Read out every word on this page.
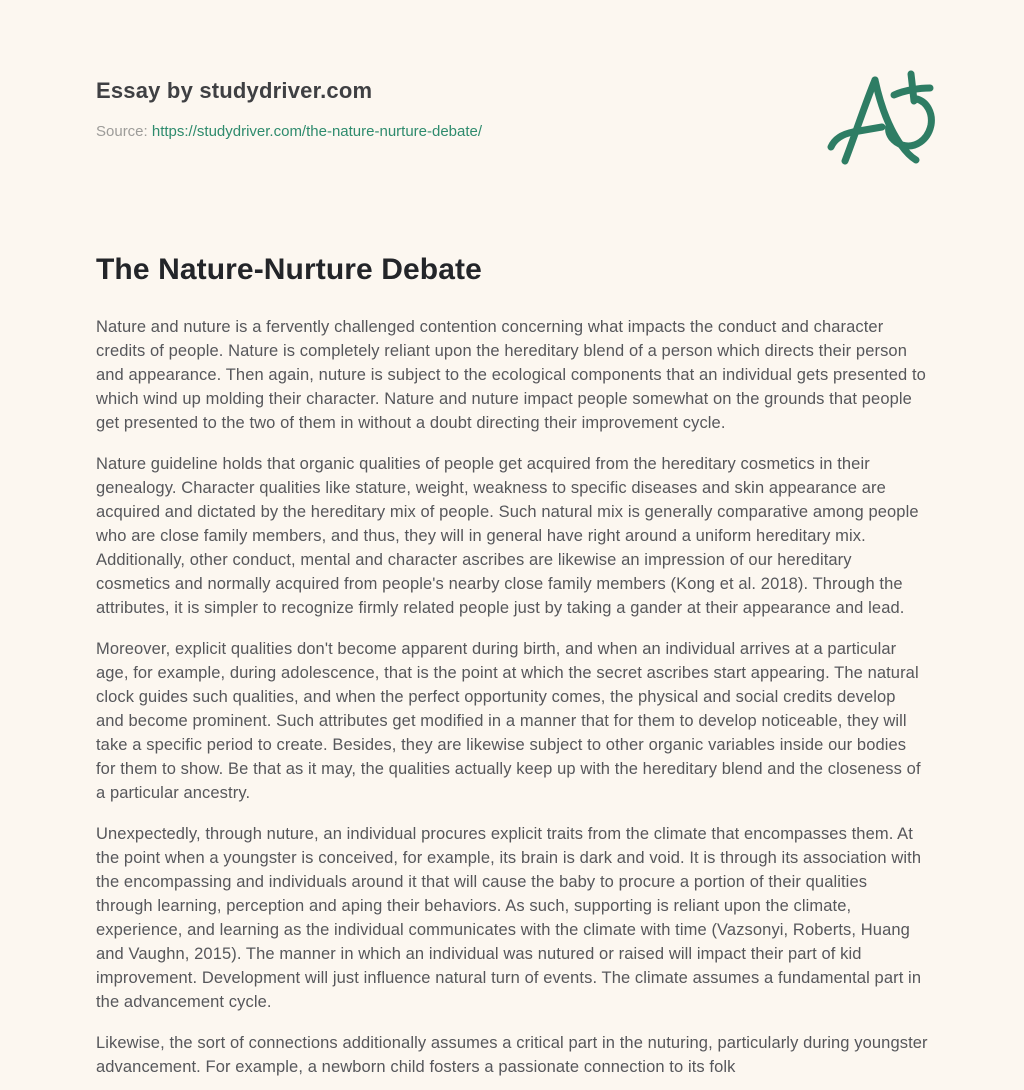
Essay by studydriver.com

Source: https://studydriver.com/the-nature-nurture-debate/

The Nature-Nurture Debate

Nature and nuture is a fervently challenged contention concerning what impacts the conduct and character credits of people. Nature is completely reliant upon the hereditary blend of a person which directs their person and appearance. Then again, nuture is subject to the ecological components that an individual gets presented to which wind up molding their character. Nature and nuture impact people somewhat on the grounds that people get presented to the two of them in without a doubt directing their improvement cycle.

Nature guideline holds that organic qualities of people get acquired from the hereditary cosmetics in their genealogy. Character qualities like stature, weight, weakness to specific diseases and skin appearance are acquired and dictated by the hereditary mix of people. Such natural mix is generally comparative among people who are close family members, and thus, they will in general have right around a uniform hereditary mix. Additionally, other conduct, mental and character ascribes are likewise an impression of our hereditary cosmetics and normally acquired from people's nearby close family members (Kong et al. 2018). Through the attributes, it is simpler to recognize firmly related people just by taking a gander at their appearance and lead.

Moreover, explicit qualities don't become apparent during birth, and when an individual arrives at a particular age, for example, during adolescence, that is the point at which the secret ascribes start appearing. The natural clock guides such qualities, and when the perfect opportunity comes, the physical and social credits develop and become prominent. Such attributes get modified in a manner that for them to develop noticeable, they will take a specific period to create. Besides, they are likewise subject to other organic variables inside our bodies for them to show. Be that as it may, the qualities actually keep up with the hereditary blend and the closeness of a particular ancestry.

Unexpectedly, through nuture, an individual procures explicit traits from the climate that encompasses them. At the point when a youngster is conceived, for example, its brain is dark and void. It is through its association with the encompassing and individuals around it that will cause the baby to procure a portion of their qualities through learning, perception and aping their behaviors. As such, supporting is reliant upon the climate, experience, and learning as the individual communicates with the climate with time (Vazsonyi, Roberts, Huang and Vaughn, 2015). The manner in which an individual was nutured or raised will impact their part of kid improvement. Development will just influence natural turn of events. The climate assumes a fundamental part in the advancement cycle.

Likewise, the sort of connections additionally assumes a critical part in the nuturing, particularly during youngster advancement. For example, a newborn child fosters a passionate connection to its folk
